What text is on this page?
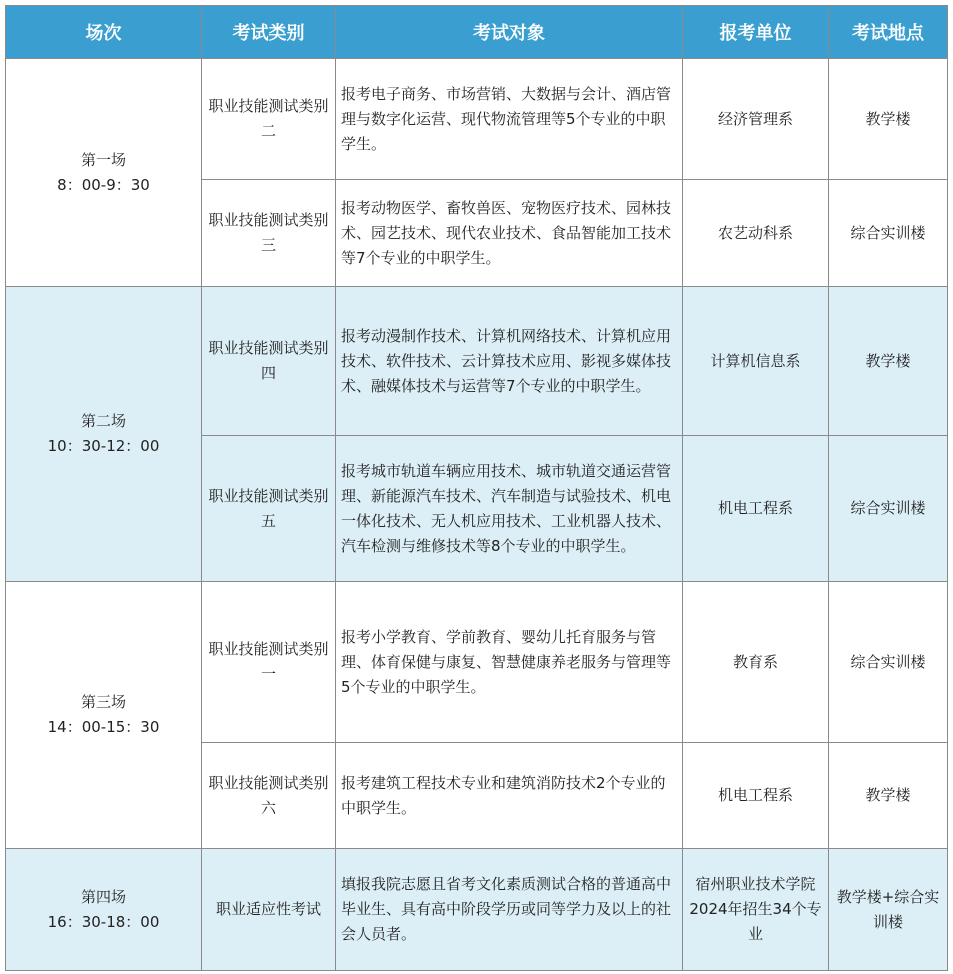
场次	考试类别	考试对象	报考单位	考试地点

第一场
8：00-9：30	职业技能测试类别二	报考电子商务、市场营销、大数据与会计、酒店管理与数字化运营、现代物流管理等5个专业的中职学生。	经济管理系	教学楼
	职业技能测试类别三	报考动物医学、畜牧兽医、宠物医疗技术、园林技术、园艺技术、现代农业技术、食品智能加工技术等7个专业的中职学生。	农艺动科系	综合实训楼

第二场
10：30-12：00	职业技能测试类别四	报考动漫制作技术、计算机网络技术、计算机应用技术、软件技术、云计算技术应用、影视多媒体技术、融媒体技术与运营等7个专业的中职学生。	计算机信息系	教学楼
	职业技能测试类别五	报考城市轨道车辆应用技术、城市轨道交通运营管理、新能源汽车技术、汽车制造与试验技术、机电一体化技术、无人机应用技术、工业机器人技术、汽车检测与维修技术等8个专业的中职学生。	机电工程系	综合实训楼

第三场
14：00-15：30	职业技能测试类别一	报考小学教育、学前教育、婴幼儿托育服务与管理、体育保健与康复、智慧健康养老服务与管理等5个专业的中职学生。	教育系	综合实训楼
	职业技能测试类别六	报考建筑工程技术专业和建筑消防技术2个专业的中职学生。	机电工程系	教学楼

第四场
16：30-18：00	职业适应性考试	填报我院志愿且省考文化素质测试合格的普通高中毕业生、具有高中阶段学历或同等学力及以上的社会人员者。	宿州职业技术学院2024年招生34个专业	教学楼+综合实训楼
